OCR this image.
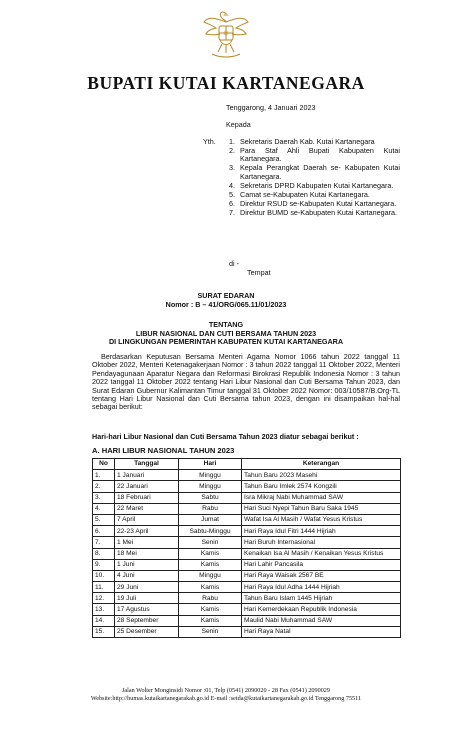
BUPATI KUTAI KARTANEGARA
Tenggarong, 4 Januari 2023
Kepada
Yth. 1. Sekretaris Daerah Kab. Kutai Kartanegara
2. Para Staf Ahli Bupati Kabupaten Kutai Kartanegara.
3. Kepala Perangkat Daerah se- Kabupaten Kutai Kartanegara.
4. Sekretaris DPRD Kabupaten Kutai Kartanegara.
5. Camat se-Kabupaten Kutai Kartanegara.
6. Direktur RSUD se-Kabupaten Kutai Kartanegara.
7. Direktur BUMD se-Kabupaten Kutai Kartanegara.
di -
Tempat
SURAT EDARAN
Nomor : B – 41/ORG/065.11/01/2023
TENTANG
LIBUR NASIONAL DAN CUTI BERSAMA TAHUN 2023
DI LINGKUNGAN PEMERINTAH KABUPATEN KUTAI KARTANEGARA
Berdasarkan Keputusan Bersama Menteri Agama Nomor 1066 tahun 2022 tanggal 11 Oktober 2022, Menteri Ketenagakerjaan Nomor : 3 tahun 2022 tanggal 11 Oktober 2022, Menteri Pendayagunaan Aparatur Negara dan Reformasi Birokrasi Republik Indonesia Nomor : 3 tahun 2022 tanggal 11 Oktober 2022 tentang Hari Libur Nasional dan Cuti Bersama Tahun 2023, dan Surat Edaran Gubernur Kalimantan Timur tanggal 31 Oktober 2022 Nomor: 003/10587/B.Org-TL tentang Hari Libur Nasional dan Cuti Bersama tahun 2023, dengan ini disampaikan hal-hal sebagai berikut:
Hari-hari Libur Nasional dan Cuti Bersama Tahun 2023 diatur sebagai berikut :
A. HARI LIBUR NASIONAL TAHUN 2023
No	Tanggal	Hari	Keterangan
1.	1 Januari	Minggu	Tahun Baru 2023 Masehi
2.	22 Januari	Minggu	Tahun Baru Imlek 2574 Kongzili
3.	18 Februari	Sabtu	Isra Mikraj Nabi Muhammad SAW
4.	22 Maret	Rabu	Hari Suci Nyepi Tahun Baru Saka 1945
5.	7 April	Jumat	Wafat Isa Al Masih / Wafat Yesus Kristus
6.	22-23 April	Sabtu-Minggu	Hari Raya Idul Fitri 1444 Hijriah
7.	1 Mei	Senin	Hari Buruh Internasional
8.	18 Mei	Kamis	Kenaikan Isa Al Masih / Kenaikan Yesus Kristus
9.	1 Juni	Kamis	Hari Lahir Pancasila
10.	4 Juni	Minggu	Hari Raya Waisak 2567 BE
11.	29 Juni	Kamis	Hari Raya Idul Adha 1444 Hijriah
12.	19 Juli	Rabu	Tahun Baru Islam 1445 Hijriah
13.	17 Agustus	Kamis	Hari Kemerdekaan Republik Indonesia
14.	28 September	Kamis	Maulid Nabi Muhammad SAW
15.	25 Desember	Senin	Hari Raya Natal
Jalan Wolter Monginsidi Nomor :01, Telp (0541) 2090020 - 28 Fax (0541) 2090029
Website:http://humas.kutaikartanegarakab.go.id E-mail :setda@kutaikartanegarakab.go.id Tenggarong 75511
